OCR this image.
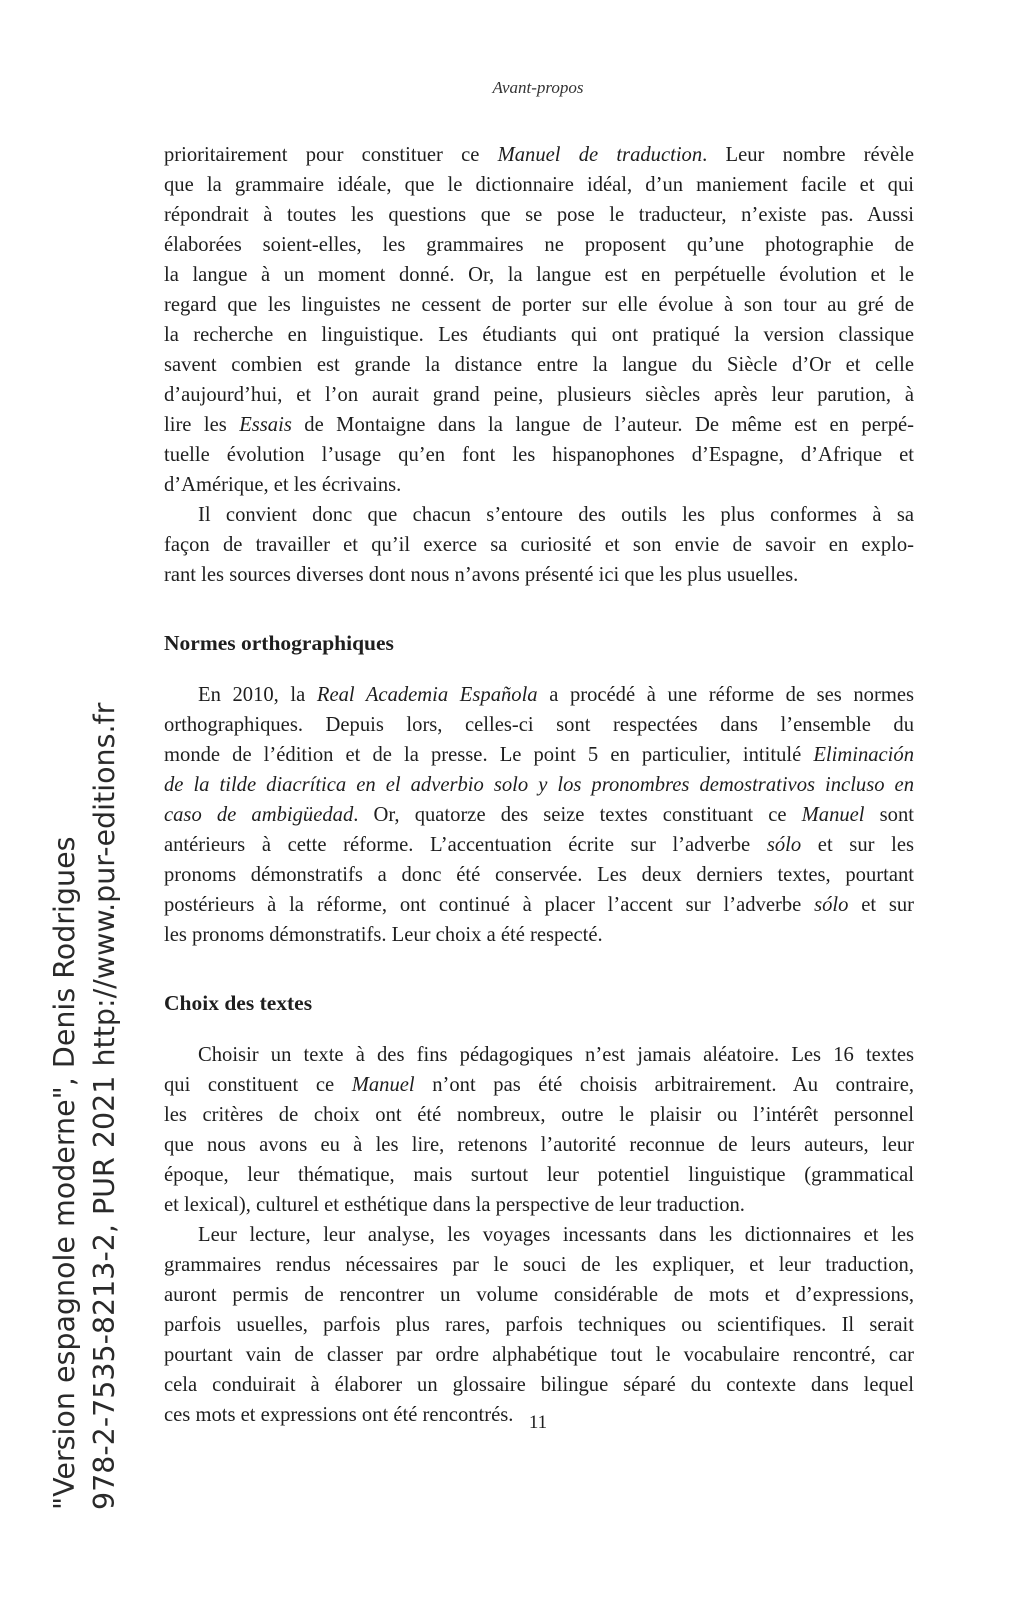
Avant-propos
prioritairement pour constituer ce Manuel de traduction. Leur nombre révèle
que la grammaire idéale, que le dictionnaire idéal, d’un maniement facile et qui
répondrait à toutes les questions que se pose le traducteur, n’existe pas. Aussi
élaborées soient-elles, les grammaires ne proposent qu’une photographie de
la langue à un moment donné. Or, la langue est en perpétuelle évolution et le
regard que les linguistes ne cessent de porter sur elle évolue à son tour au gré de
la recherche en linguistique. Les étudiants qui ont pratiqué la version classique
savent combien est grande la distance entre la langue du Siècle d’Or et celle
d’aujourd’hui, et l’on aurait grand peine, plusieurs siècles après leur parution, à
lire les Essais de Montaigne dans la langue de l’auteur. De même est en perpé-
tuelle évolution l’usage qu’en font les hispanophones d’Espagne, d’Afrique et
d’Amérique, et les écrivains.
Il convient donc que chacun s’entoure des outils les plus conformes à sa
façon de travailler et qu’il exerce sa curiosité et son envie de savoir en explo-
rant les sources diverses dont nous n’avons présenté ici que les plus usuelles.
Normes orthographiques
En 2010, la Real Academia Española a procédé à une réforme de ses normes
orthographiques. Depuis lors, celles-ci sont respectées dans l’ensemble du
monde de l’édition et de la presse. Le point 5 en particulier, intitulé Eliminación
de la tilde diacrítica en el adverbio solo y los pronombres demostrativos incluso en
caso de ambigüedad. Or, quatorze des seize textes constituant ce Manuel sont
antérieurs à cette réforme. L’accentuation écrite sur l’adverbe sólo et sur les
pronoms démonstratifs a donc été conservée. Les deux derniers textes, pourtant
postérieurs à la réforme, ont continué à placer l’accent sur l’adverbe sólo et sur
les pronoms démonstratifs. Leur choix a été respecté.
Choix des textes
Choisir un texte à des fins pédagogiques n’est jamais aléatoire. Les 16 textes
qui constituent ce Manuel n’ont pas été choisis arbitrairement. Au contraire,
les critères de choix ont été nombreux, outre le plaisir ou l’intérêt personnel
que nous avons eu à les lire, retenons l’autorité reconnue de leurs auteurs, leur
époque, leur thématique, mais surtout leur potentiel linguistique (grammatical
et lexical), culturel et esthétique dans la perspective de leur traduction.
Leur lecture, leur analyse, les voyages incessants dans les dictionnaires et les
grammaires rendus nécessaires par le souci de les expliquer, et leur traduction,
auront permis de rencontrer un volume considérable de mots et d’expressions,
parfois usuelles, parfois plus rares, parfois techniques ou scientifiques. Il serait
pourtant vain de classer par ordre alphabétique tout le vocabulaire rencontré, car
cela conduirait à élaborer un glossaire bilingue séparé du contexte dans lequel
ces mots et expressions ont été rencontrés. 11
"Version espagnole moderne", Denis Rodrigues 978-2-7535-8213-2, PUR 2021 http://www.pur-editions.fr
